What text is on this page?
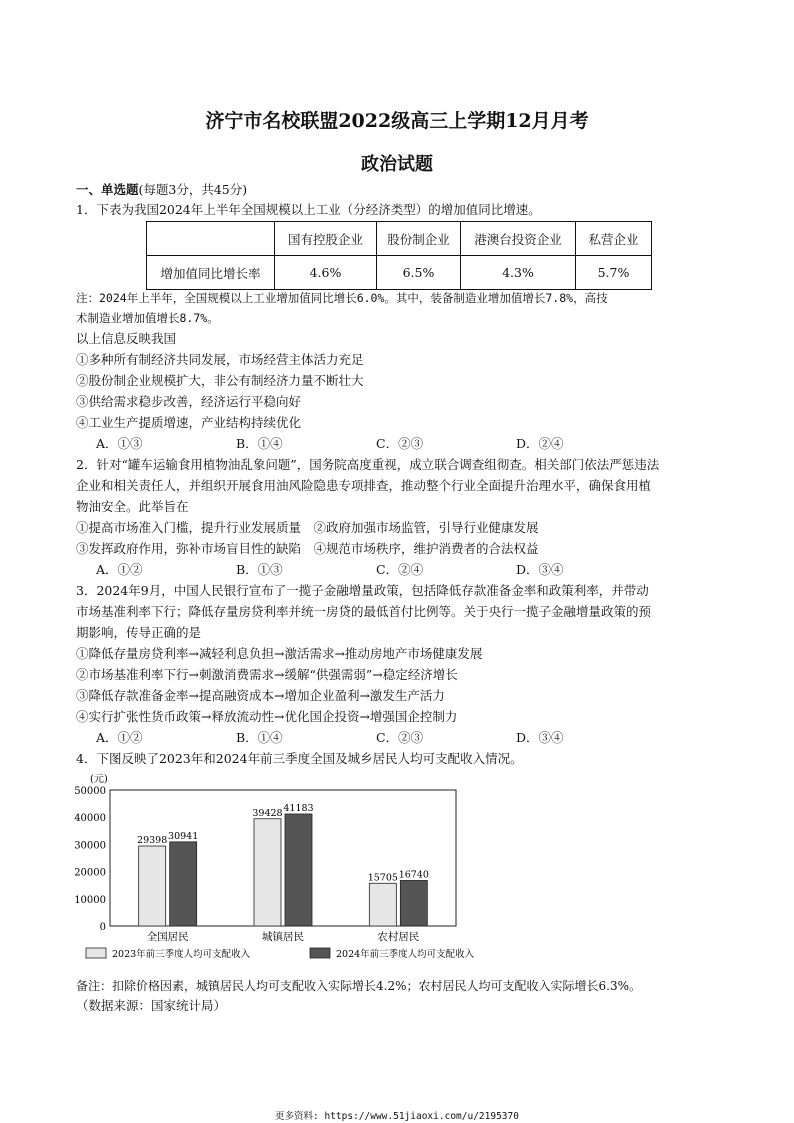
济宁市名校联盟2022级高三上学期12月月考
政治试题
一、单选题(每题3分，共45分)
1．下表为我国2024年上半年全国规模以上工业（分经济类型）的增加值同比增速。
	国有控股企业	股份制企业	港澳台投资企业	私营企业
增加值同比增长率	4.6%	6.5%	4.3%	5.7%
注：2024年上半年，全国规模以上工业增加值同比增长6.0%。其中，装备制造业增加值增长7.8%，高技
术制造业增加值增长8.7%。
以上信息反映我国
①多种所有制经济共同发展，市场经营主体活力充足
②股份制企业规模扩大，非公有制经济力量不断壮大
③供给需求稳步改善，经济运行平稳向好
④工业生产提质增速，产业结构持续优化
A．①③	B．①④	C．②③	D．②④
2．针对“罐车运输食用植物油乱象问题”，国务院高度重视，成立联合调查组彻查。相关部门依法严惩违法
企业和相关责任人，并组织开展食用油风险隐患专项排查，推动整个行业全面提升治理水平，确保食用植
物油安全。此举旨在
①提高市场准入门槛，提升行业发展质量　②政府加强市场监管，引导行业健康发展
③发挥政府作用，弥补市场盲目性的缺陷　④规范市场秩序，维护消费者的合法权益
A．①②	B．①③	C．②④	D．③④
3．2024年9月，中国人民银行宣布了一揽子金融增量政策，包括降低存款准备金率和政策利率，并带动
市场基准利率下行；降低存量房贷利率并统一房贷的最低首付比例等。关于央行一揽子金融增量政策的预
期影响，传导正确的是
①降低存量房贷利率→减轻利息负担→激活需求→推动房地产市场健康发展
②市场基准利率下行→刺激消费需求→缓解“供强需弱”→稳定经济增长
③降低存款准备金率→提高融资成本→增加企业盈利→激发生产活力
④实行扩张性货币政策→释放流动性→优化国企投资→增强国企控制力
A．①②	B．①④	C．②③	D．③④
4．下图反映了2023年和2024年前三季度全国及城乡居民人均可支配收入情况。
(元)
0
10000
20000
30000
40000
50000
29398 30941
全国居民
39428 41183
城镇居民
15705 16740
农村居民
2023年前三季度人均可支配收入	2024年前三季度人均可支配收入
备注：扣除价格因素，城镇居民人均可支配收入实际增长4.2%；农村居民人均可支配收入实际增长6.3%。
（数据来源：国家统计局）
更多资料: https://www.51jiaoxi.com/u/2195370
